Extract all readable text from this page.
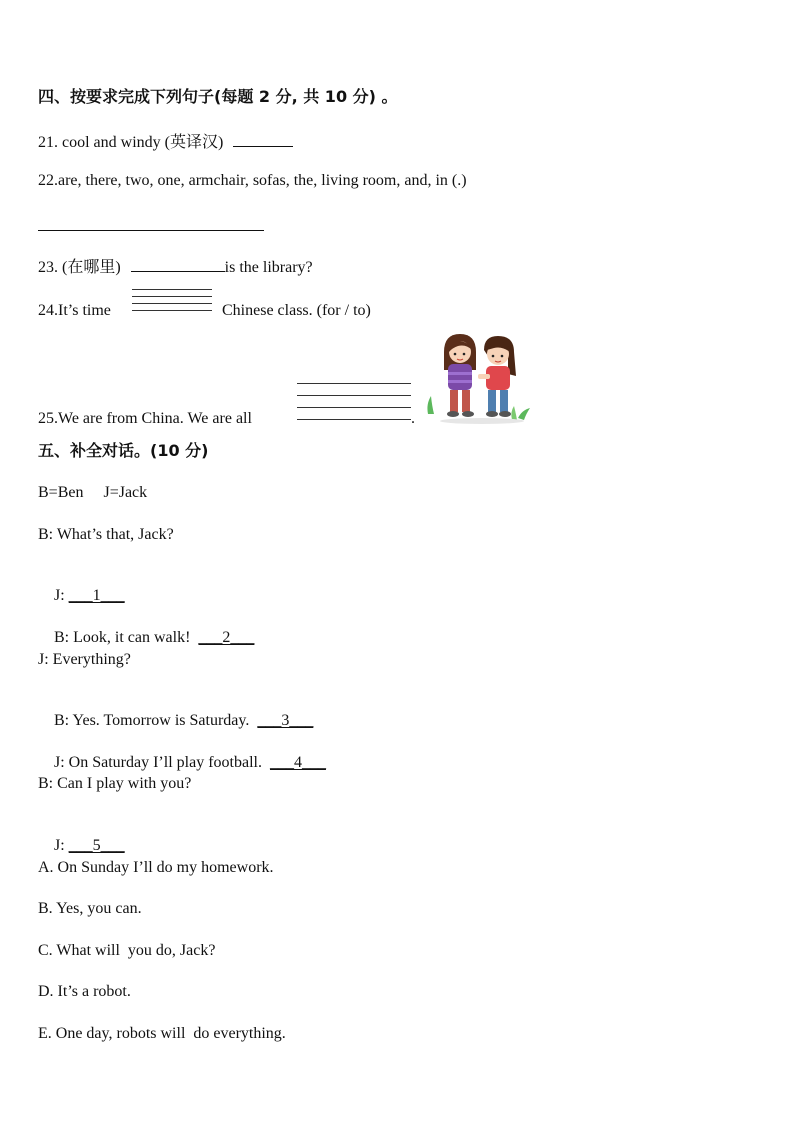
四、按要求完成下列句子(每题 2 分, 共 10 分) 。
21. cool and windy (英译汉)
22.are, there, two, one, armchair, sofas, the, living room, and, in (.)
23. (在哪里)	is the library?
24.It’s time	Chinese class. (for / to)
25.We are from China. We are all	.
五、补全对话。(10 分)
B=Ben     J=Jack
B: What’s that, Jack?

J: ___1___

B: Look, it can walk!  ___2___

J: Everything?

B: Yes. Tomorrow is Saturday.  ___3___

J: On Saturday I’ll play football.  ___4___

B: Can I play with you?

J: ___5___

A. On Sunday I’ll do my homework.
B. Yes, you can.
C. What will  you do, Jack?
D. It’s a robot.
E. One day, robots will  do everything.
